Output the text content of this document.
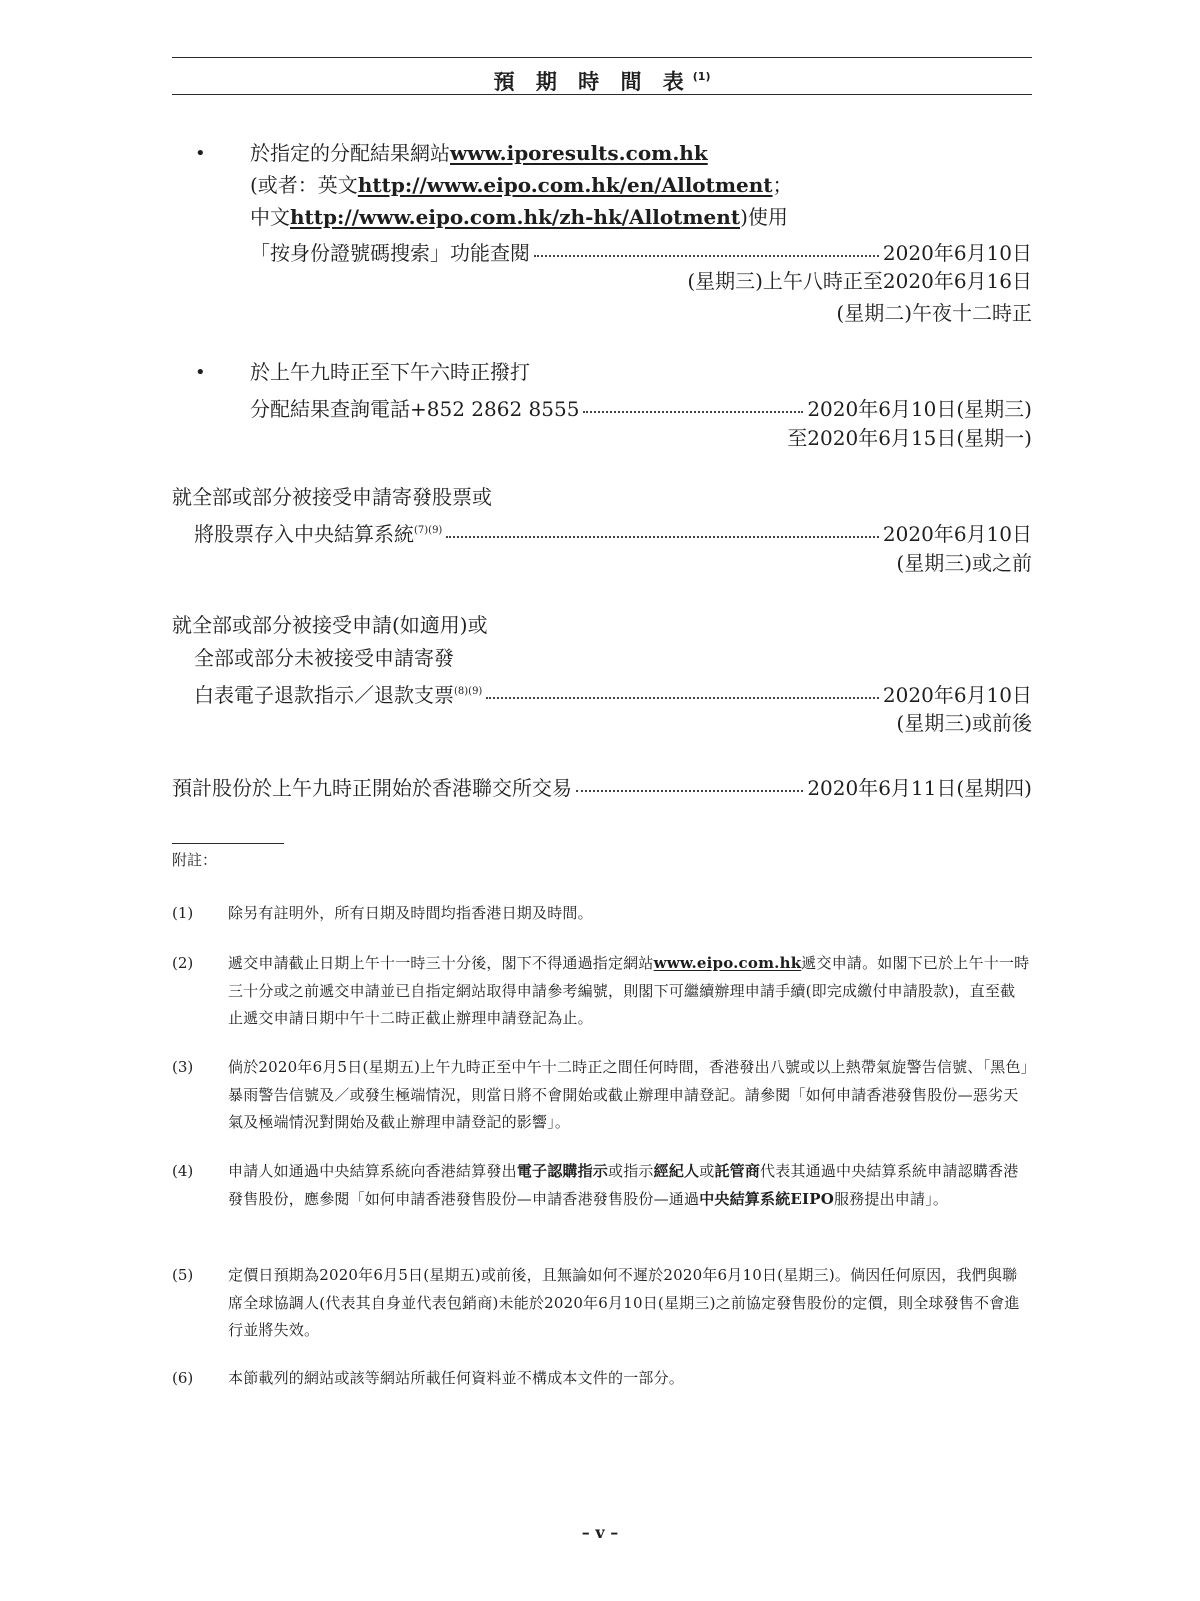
預 期 時 間 表 $^{(1)}$
• 於指定的分配結果網站www.iporesults.com.hk
(或者：英文http://www.eipo.com.hk/en/Allotment；
中文http://www.eipo.com.hk/zh-hk/Allotment)使用
「按身份證號碼搜索」功能查閱	2020年6月10日
(星期三)上午八時正至2020年6月16日
(星期二)午夜十二時正
• 於上午九時正至下午六時正撥打
分配結果查詢電話+852 2862 8555	2020年6月10日(星期三)
至2020年6月15日(星期一)
就全部或部分被接受申請寄發股票或
將股票存入中央結算系統$^{(7)(9)}$	2020年6月10日
(星期三)或之前
就全部或部分被接受申請(如適用)或
全部或部分未被接受申請寄發
白表電子退款指示／退款支票$^{(8)(9)}$	2020年6月10日
(星期三)或前後
預計股份於上午九時正開始於香港聯交所交易	2020年6月11日(星期四)
附註：
(1) 除另有註明外，所有日期及時間均指香港日期及時間。
(2) 遞交申請截止日期上午十一時三十分後，閣下不得通過指定網站www.eipo.com.hk遞交申請。如閣下已於上午十一時三十分或之前遞交申請並已自指定網站取得申請參考編號，則閣下可繼續辦理申請手續(即完成繳付申請股款)，直至截止遞交申請日期中午十二時正截止辦理申請登記為止。
(3) 倘於2020年6月5日(星期五)上午九時正至中午十二時正之間任何時間，香港發出八號或以上熱帶氣旋警告信號、「黑色」暴雨警告信號及／或發生極端情況，則當日將不會開始或截止辦理申請登記。請參閱「如何申請香港發售股份—惡劣天氣及極端情況對開始及截止辦理申請登記的影響」。
(4) 申請人如通過中央結算系統向香港結算發出電子認購指示或指示經紀人或託管商代表其通過中央結算系統申請認購香港發售股份，應參閱「如何申請香港發售股份—申請香港發售股份—通過中央結算系統EIPO服務提出申請」。
(5) 定價日預期為2020年6月5日(星期五)或前後，且無論如何不遲於2020年6月10日(星期三)。倘因任何原因，我們與聯席全球協調人(代表其自身並代表包銷商)未能於2020年6月10日(星期三)之前協定發售股份的定價，則全球發售不會進行並將失效。
(6) 本節載列的網站或該等網站所載任何資料並不構成本文件的一部分。
– v –
